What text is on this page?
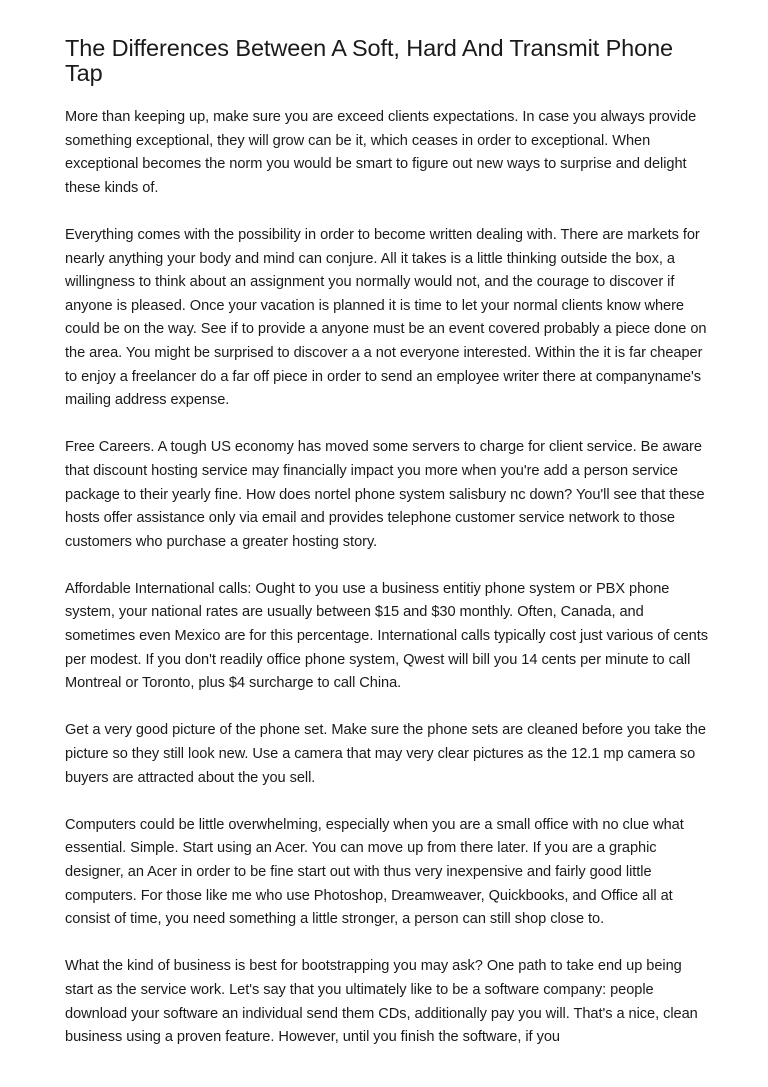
The Differences Between A Soft, Hard And Transmit Phone Tap

More than keeping up, make sure you are exceed clients expectations. In case you always provide something exceptional, they will grow can be it, which ceases in order to exceptional. When exceptional becomes the norm you would be smart to figure out new ways to surprise and delight these kinds of.

Everything comes with the possibility in order to become written dealing with. There are markets for nearly anything your body and mind can conjure. All it takes is a little thinking outside the box, a willingness to think about an assignment you normally would not, and the courage to discover if anyone is pleased. Once your vacation is planned it is time to let your normal clients know where could be on the way. See if to provide a anyone must be an event covered probably a piece done on the area. You might be surprised to discover a a not everyone interested. Within the it is far cheaper to enjoy a freelancer do a far off piece in order to send an employee writer there at companyname's mailing address expense.

Free Careers. A tough US economy has moved some servers to charge for client service. Be aware that discount hosting service may financially impact you more when you're add a person service package to their yearly fine. How does nortel phone system salisbury nc down? You'll see that these hosts offer assistance only via email and provides telephone customer service network to those customers who purchase a greater hosting story.

Affordable International calls: Ought to you use a business entitiy phone system or PBX phone system, your national rates are usually between $15 and $30 monthly. Often, Canada, and sometimes even Mexico are for this percentage. International calls typically cost just various of cents per modest. If you don't readily office phone system, Qwest will bill you 14 cents per minute to call Montreal or Toronto, plus $4 surcharge to call China.

Get a very good picture of the phone set. Make sure the phone sets are cleaned before you take the picture so they still look new. Use a camera that may very clear pictures as the 12.1 mp camera so buyers are attracted about the you sell.

Computers could be little overwhelming, especially when you are a small office with no clue what essential. Simple. Start using an Acer. You can move up from there later. If you are a graphic designer, an Acer in order to be fine start out with thus very inexpensive and fairly good little computers. For those like me who use Photoshop, Dreamweaver, Quickbooks, and Office all at consist of time, you need something a little stronger, a person can still shop close to.

What the kind of business is best for bootstrapping you may ask? One path to take end up being start as the service work. Let's say that you ultimately like to be a software company: people download your software an individual send them CDs, additionally pay you will. That's a nice, clean business using a proven feature. However, until you finish the software, if you
